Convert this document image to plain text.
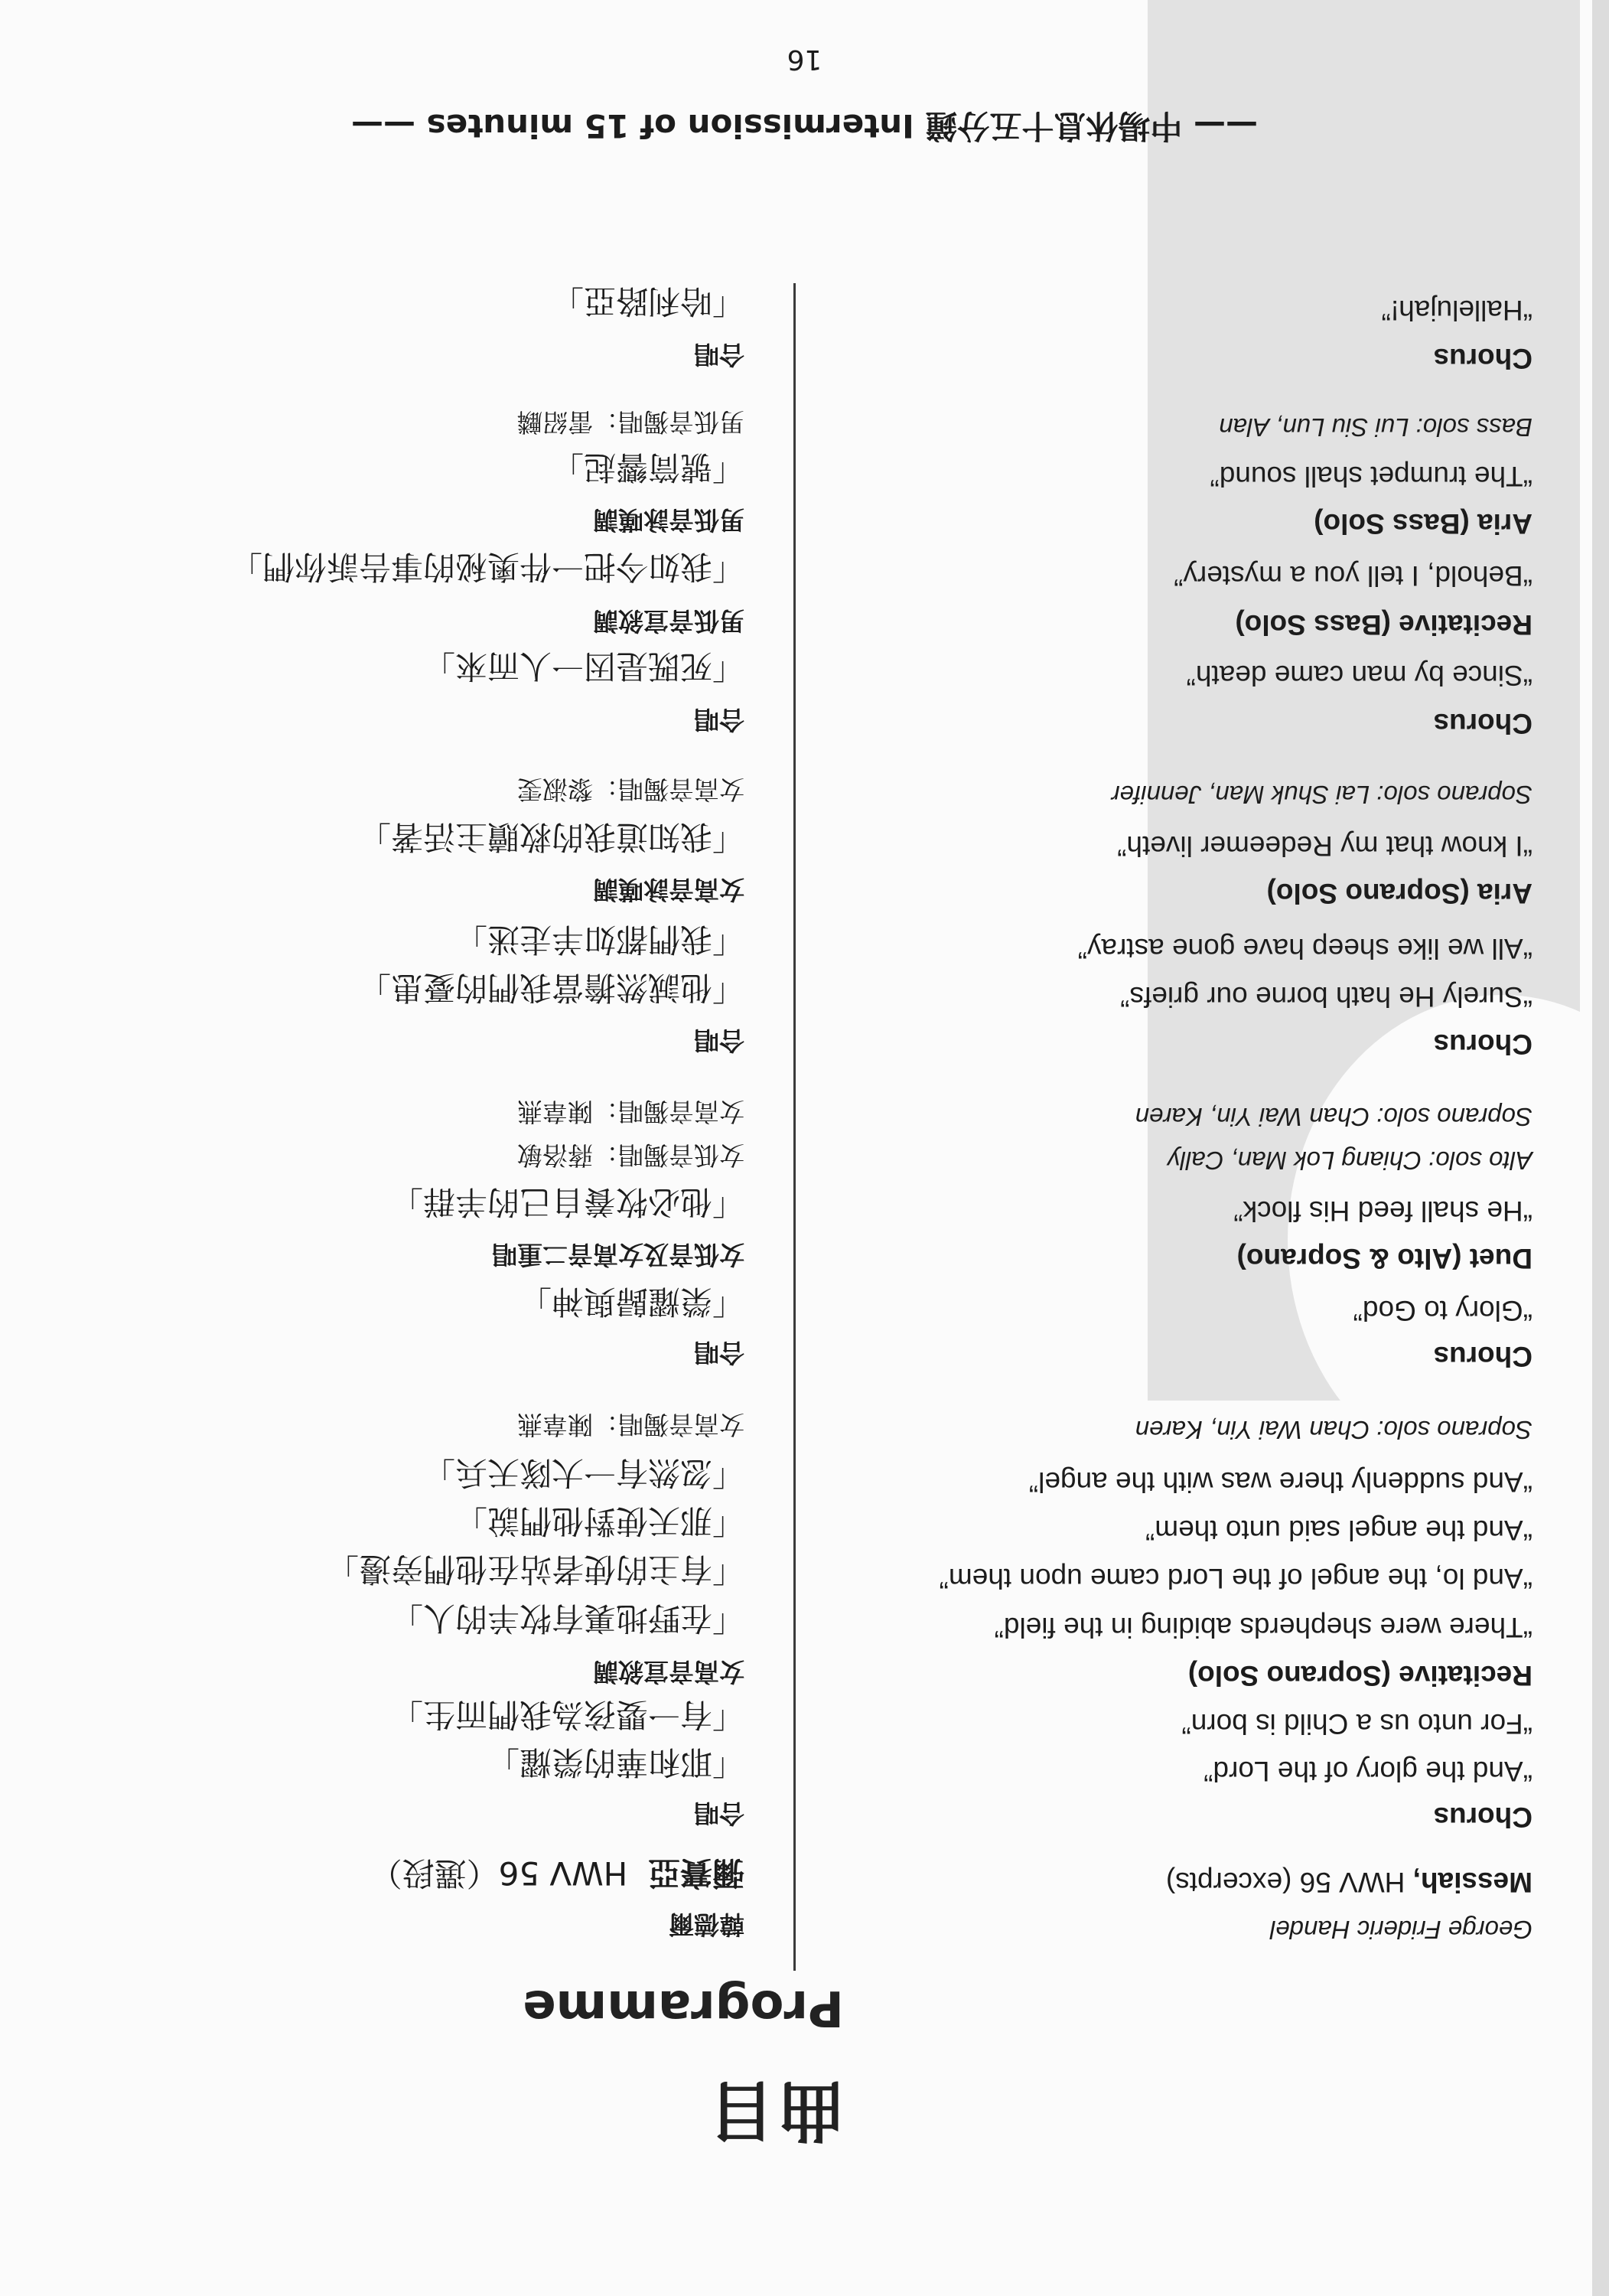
曲目
Programme
韓德爾	George Frideric Handel
彌賽亞  HWV 56（選段）	Messiah, HWV 56 (excerpts)
合唱	Chorus
「耶和華的榮耀」	“And the glory of the Lord”
「有一嬰孩為我們而生」	“For unto us a Child is born”
女高音宣敘調	Recitative (Soprano Solo)
「在野地裏有牧羊的人」	“There were shepherds abiding in the field”
「有主的使者站在他們旁邊」	“And lo, the angel of the Lord came upon them”
「那天使對他們說」	“And the angel said unto them”
「忽然有一大隊天兵」	“And suddenly there was with the angel”
女高音獨唱：陳韋燕	Soprano solo: Chan Wai Yin, Karen
合唱	Chorus
「榮耀歸與神」	“Glory to God”
女低音及女高音二重唱	Duet (Alto & Soprano)
「他必牧養自己的羊群」	“He shall feed His flock”
女低音獨唱：蔣洛敏	Alto solo: Chiang Lok Man, Cally
女高音獨唱：陳韋燕	Soprano solo: Chan Wai Yin, Karen
合唱	Chorus
「他誠然擔當我們的憂患」	“Surely He hath borne our griefs”
「我們都如羊走迷」	“All we like sheep have gone astray”
女高音詠嘆調	Aria (Soprano Solo)
「我知道我的救贖主活著」	“I know that my Redeemer liveth”
女高音獨唱：黎淑雯	Soprano solo: Lai Shuk Man, Jennifer
合唱	Chorus
「死既是因一人而來」	“Since by man came death”
男低音宣敘調	Recitative (Bass Solo)
「我如今把一件奧秘的事告訴你們」	“Behold, I tell you a mystery”
男低音詠嘆調	Aria (Bass Solo)
「號筒響起」	“The trumpet shall sound”
男低音獨唱：雷紹麟	Bass solo: Lui Siu Lun, Alan
合唱	Chorus
「哈利路亞」	“Hallelujah!”
—— 中場休息十五分鐘 Intermission of 15 minutes ——
16
